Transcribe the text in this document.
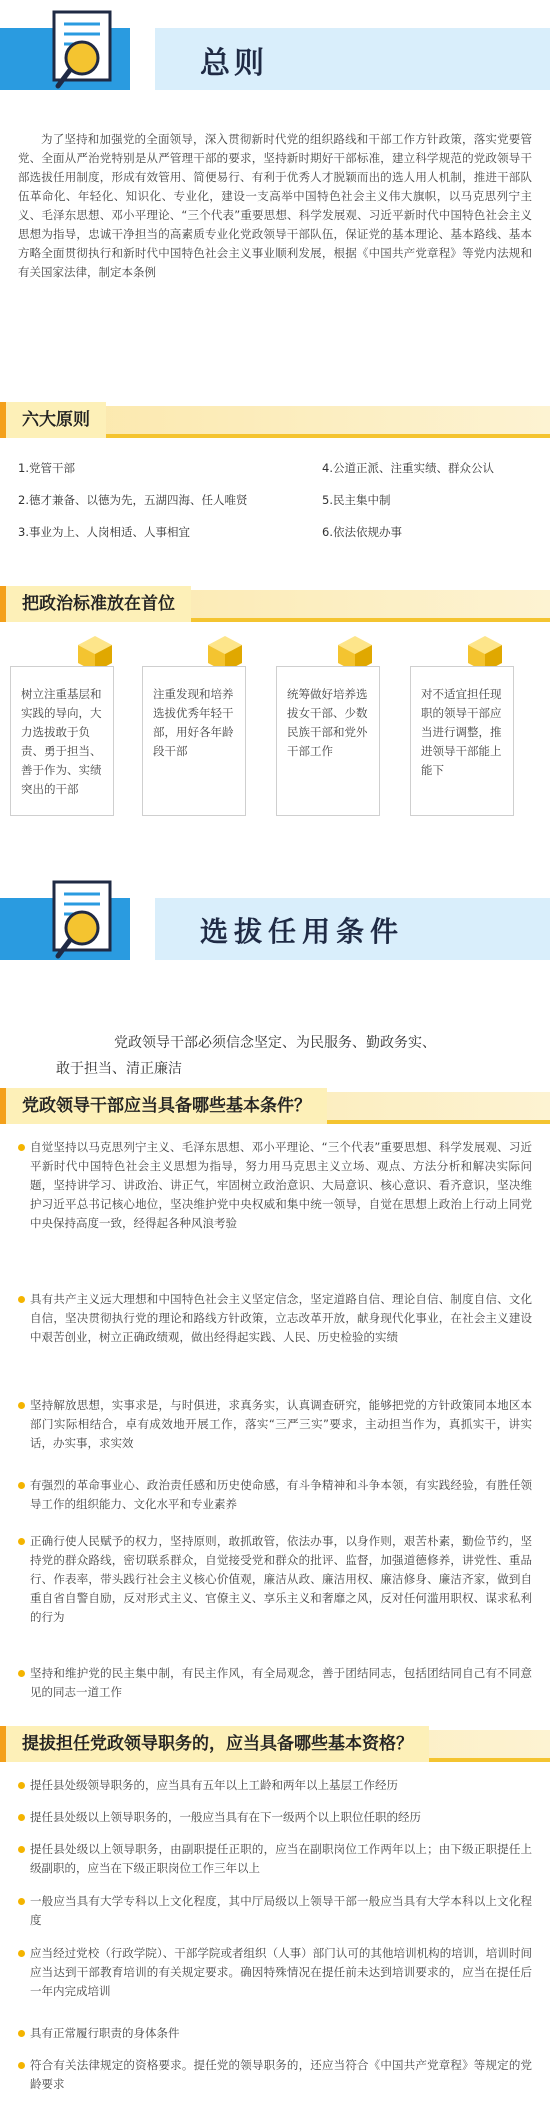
总则
为了坚持和加强党的全面领导，深入贯彻新时代党的组织路线和干部工作方针政策，落实党要管党、全面从严治党特别是从严管理干部的要求，坚持新时期好干部标准，建立科学规范的党政领导干部选拔任用制度，形成有效管用、简便易行、有利于优秀人才脱颖而出的选人用人机制，推进干部队伍革命化、年轻化、知识化、专业化，建设一支高举中国特色社会主义伟大旗帜，以马克思列宁主义、毛泽东思想、邓小平理论、“三个代表”重要思想、科学发展观、习近平新时代中国特色社会主义思想为指导，忠诚干净担当的高素质专业化党政领导干部队伍，保证党的基本理论、基本路线、基本方略全面贯彻执行和新时代中国特色社会主义事业顺利发展，根据《中国共产党章程》等党内法规和有关国家法律，制定本条例
六大原则
1.党管干部	4.公道正派、注重实绩、群众公认
2.德才兼备、以德为先，五湖四海、任人唯贤	5.民主集中制
3.事业为上、人岗相适、人事相宜	6.依法依规办事
把政治标准放在首位
树立注重基层和实践的导向，大力选拔敢于负责、勇于担当、善于作为、实绩突出的干部
注重发现和培养选拔优秀年轻干部，用好各年龄段干部
统筹做好培养选拔女干部、少数民族干部和党外干部工作
对不适宜担任现职的领导干部应当进行调整，推进领导干部能上能下
选拔任用条件
党政领导干部必须信念坚定、为民服务、勤政务实、
敢于担当、清正廉洁
党政领导干部应当具备哪些基本条件？
自觉坚持以马克思列宁主义、毛泽东思想、邓小平理论、“三个代表”重要思想、科学发展观、习近平新时代中国特色社会主义思想为指导，努力用马克思主义立场、观点、方法分析和解决实际问题，坚持讲学习、讲政治、讲正气，牢固树立政治意识、大局意识、核心意识、看齐意识，坚决维护习近平总书记核心地位，坚决维护党中央权威和集中统一领导，自觉在思想上政治上行动上同党中央保持高度一致，经得起各种风浪考验
具有共产主义远大理想和中国特色社会主义坚定信念，坚定道路自信、理论自信、制度自信、文化自信，坚决贯彻执行党的理论和路线方针政策，立志改革开放，献身现代化事业，在社会主义建设中艰苦创业，树立正确政绩观，做出经得起实践、人民、历史检验的实绩
坚持解放思想，实事求是，与时俱进，求真务实，认真调查研究，能够把党的方针政策同本地区本部门实际相结合，卓有成效地开展工作，落实“三严三实”要求，主动担当作为，真抓实干，讲实话，办实事，求实效
有强烈的革命事业心、政治责任感和历史使命感，有斗争精神和斗争本领，有实践经验，有胜任领导工作的组织能力、文化水平和专业素养
正确行使人民赋予的权力，坚持原则，敢抓敢管，依法办事，以身作则，艰苦朴素，勤俭节约，坚持党的群众路线，密切联系群众，自觉接受党和群众的批评、监督，加强道德修养，讲党性、重品行、作表率，带头践行社会主义核心价值观，廉洁从政、廉洁用权、廉洁修身、廉洁齐家，做到自重自省自警自励，反对形式主义、官僚主义、享乐主义和奢靡之风，反对任何滥用职权、谋求私利的行为
坚持和维护党的民主集中制，有民主作风，有全局观念，善于团结同志，包括团结同自己有不同意见的同志一道工作
提拔担任党政领导职务的，应当具备哪些基本资格？
提任县处级领导职务的，应当具有五年以上工龄和两年以上基层工作经历
提任县处级以上领导职务的，一般应当具有在下一级两个以上职位任职的经历
提任县处级以上领导职务，由副职提任正职的，应当在副职岗位工作两年以上；由下级正职提任上级副职的，应当在下级正职岗位工作三年以上
一般应当具有大学专科以上文化程度，其中厅局级以上领导干部一般应当具有大学本科以上文化程度
应当经过党校（行政学院）、干部学院或者组织（人事）部门认可的其他培训机构的培训，培训时间应当达到干部教育培训的有关规定要求。确因特殊情况在提任前未达到培训要求的，应当在提任后一年内完成培训
具有正常履行职责的身体条件
符合有关法律规定的资格要求。提任党的领导职务的，还应当符合《中国共产党章程》等规定的党龄要求
